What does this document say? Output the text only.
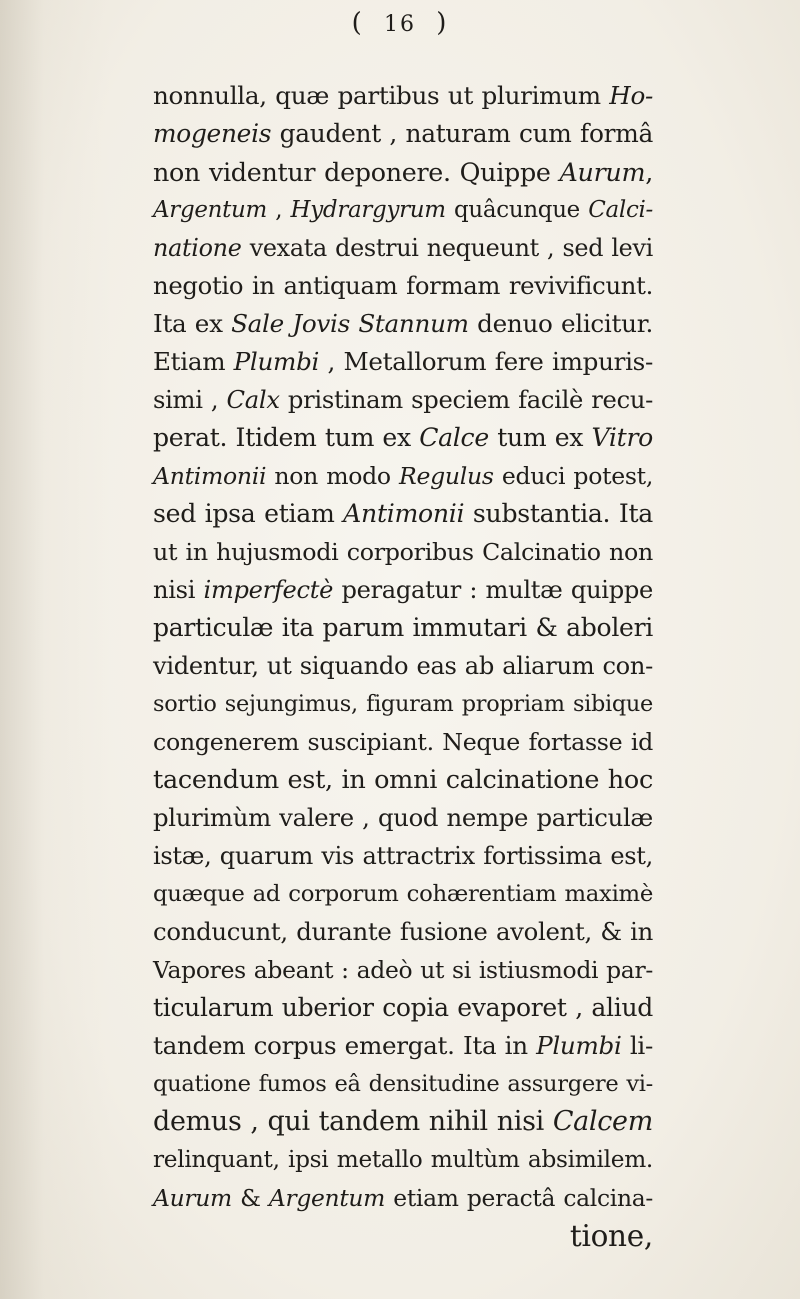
( 16 )
nonnulla, quæ partibus ut plurimum Ho-
mogeneis gaudent , naturam cum formâ
non videntur deponere. Quippe Aurum,
Argentum , Hydrargyrum quâcunque Calci-
natione vexata destrui nequeunt , sed levi
negotio in antiquam formam revivificunt.
Ita ex Sale Jovis Stannum denuo elicitur.
Etiam Plumbi , Metallorum fere impuris-
simi , Calx pristinam speciem facilè recu-
perat. Itidem tum ex Calce tum ex Vitro
Antimonii non modo Regulus educi potest,
sed ipsa etiam Antimonii substantia. Ita
ut in hujusmodi corporibus Calcinatio non
nisi imperfectè peragatur : multæ quippe
particulæ ita parum immutari & aboleri
videntur, ut siquando eas ab aliarum con-
sortio sejungimus, figuram propriam sibique
congenerem suscipiant. Neque fortasse id
tacendum est, in omni calcinatione hoc
plurimùm valere , quod nempe particulæ
istæ, quarum vis attractrix fortissima est,
quæque ad corporum cohærentiam maximè
conducunt, durante fusione avolent, & in
Vapores abeant : adeò ut si istiusmodi par-
ticularum uberior copia evaporet , aliud
tandem corpus emergat. Ita in Plumbi li-
quatione fumos eâ densitudine assurgere vi-
demus , qui tandem nihil nisi Calcem
relinquant, ipsi metallo multùm absimilem.
Aurum & Argentum etiam peractâ calcina-
tione,
